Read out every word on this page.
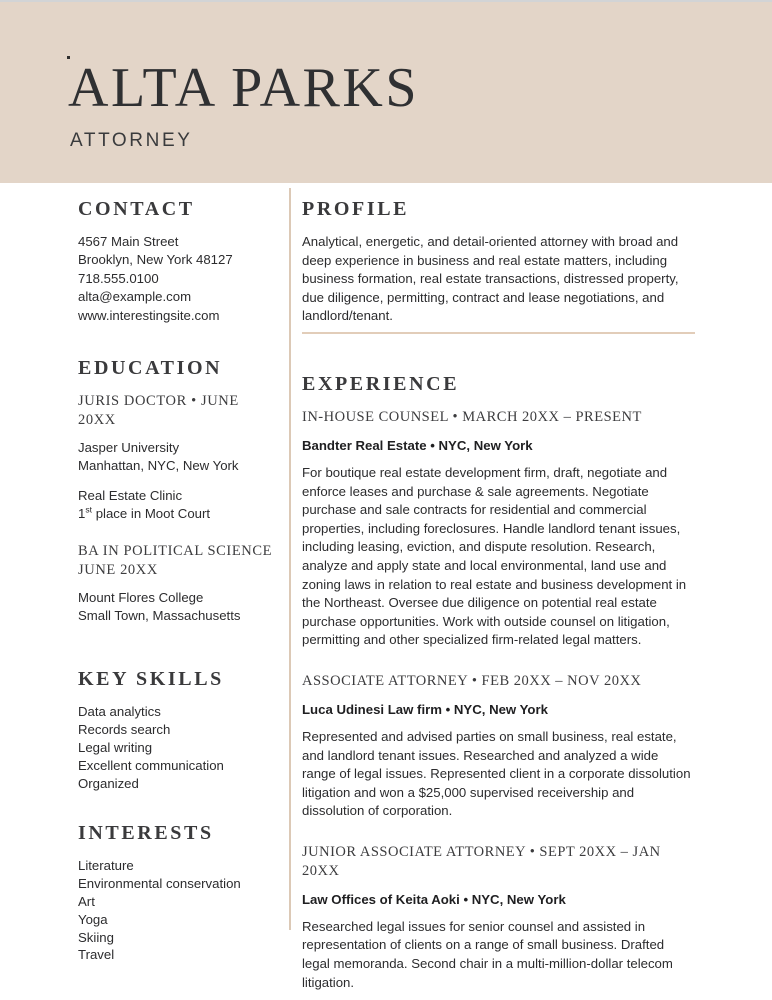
ALTA PARKS
ATTORNEY
CONTACT
4567 Main Street
Brooklyn, New York 48127
718.555.0100
alta@example.com
www.interestingsite.com
EDUCATION
JURIS DOCTOR • JUNE 20XX
Jasper University
Manhattan, NYC, New York
Real Estate Clinic
1st place in Moot Court
BA IN POLITICAL SCIENCE
JUNE 20XX
Mount Flores College
Small Town, Massachusetts
KEY SKILLS
Data analytics
Records search
Legal writing
Excellent communication
Organized
INTERESTS
Literature
Environmental conservation
Art
Yoga
Skiing
Travel
PROFILE

Analytical, energetic, and detail-oriented attorney with broad and deep experience in business and real estate matters, including business formation, real estate transactions, distressed property, due diligence, permitting, contract and lease negotiations, and landlord/tenant.

EXPERIENCE
IN-HOUSE COUNSEL • MARCH 20XX – PRESENT
Bandter Real Estate • NYC, New York

For boutique real estate development firm, draft, negotiate and enforce leases and purchase & sale agreements. Negotiate purchase and sale contracts for residential and commercial properties, including foreclosures. Handle landlord tenant issues, including leasing, eviction, and dispute resolution. Research, analyze and apply state and local environmental, land use and zoning laws in relation to real estate and business development in the Northeast. Oversee due diligence on potential real estate purchase opportunities. Work with outside counsel on litigation, permitting and other specialized firm-related legal matters.

ASSOCIATE ATTORNEY • FEB 20XX – NOV 20XX
Luca Udinesi Law firm • NYC, New York

Represented and advised parties on small business, real estate, and landlord tenant issues. Researched and analyzed a wide range of legal issues. Represented client in a corporate dissolution litigation and won a $25,000 supervised receivership and dissolution of corporation.

JUNIOR ASSOCIATE ATTORNEY • SEPT 20XX – JAN 20XX
Law Offices of Keita Aoki • NYC, New York

Researched legal issues for senior counsel and assisted in representation of clients on a range of small business. Drafted legal memoranda. Second chair in a multi-million-dollar telecom litigation.
